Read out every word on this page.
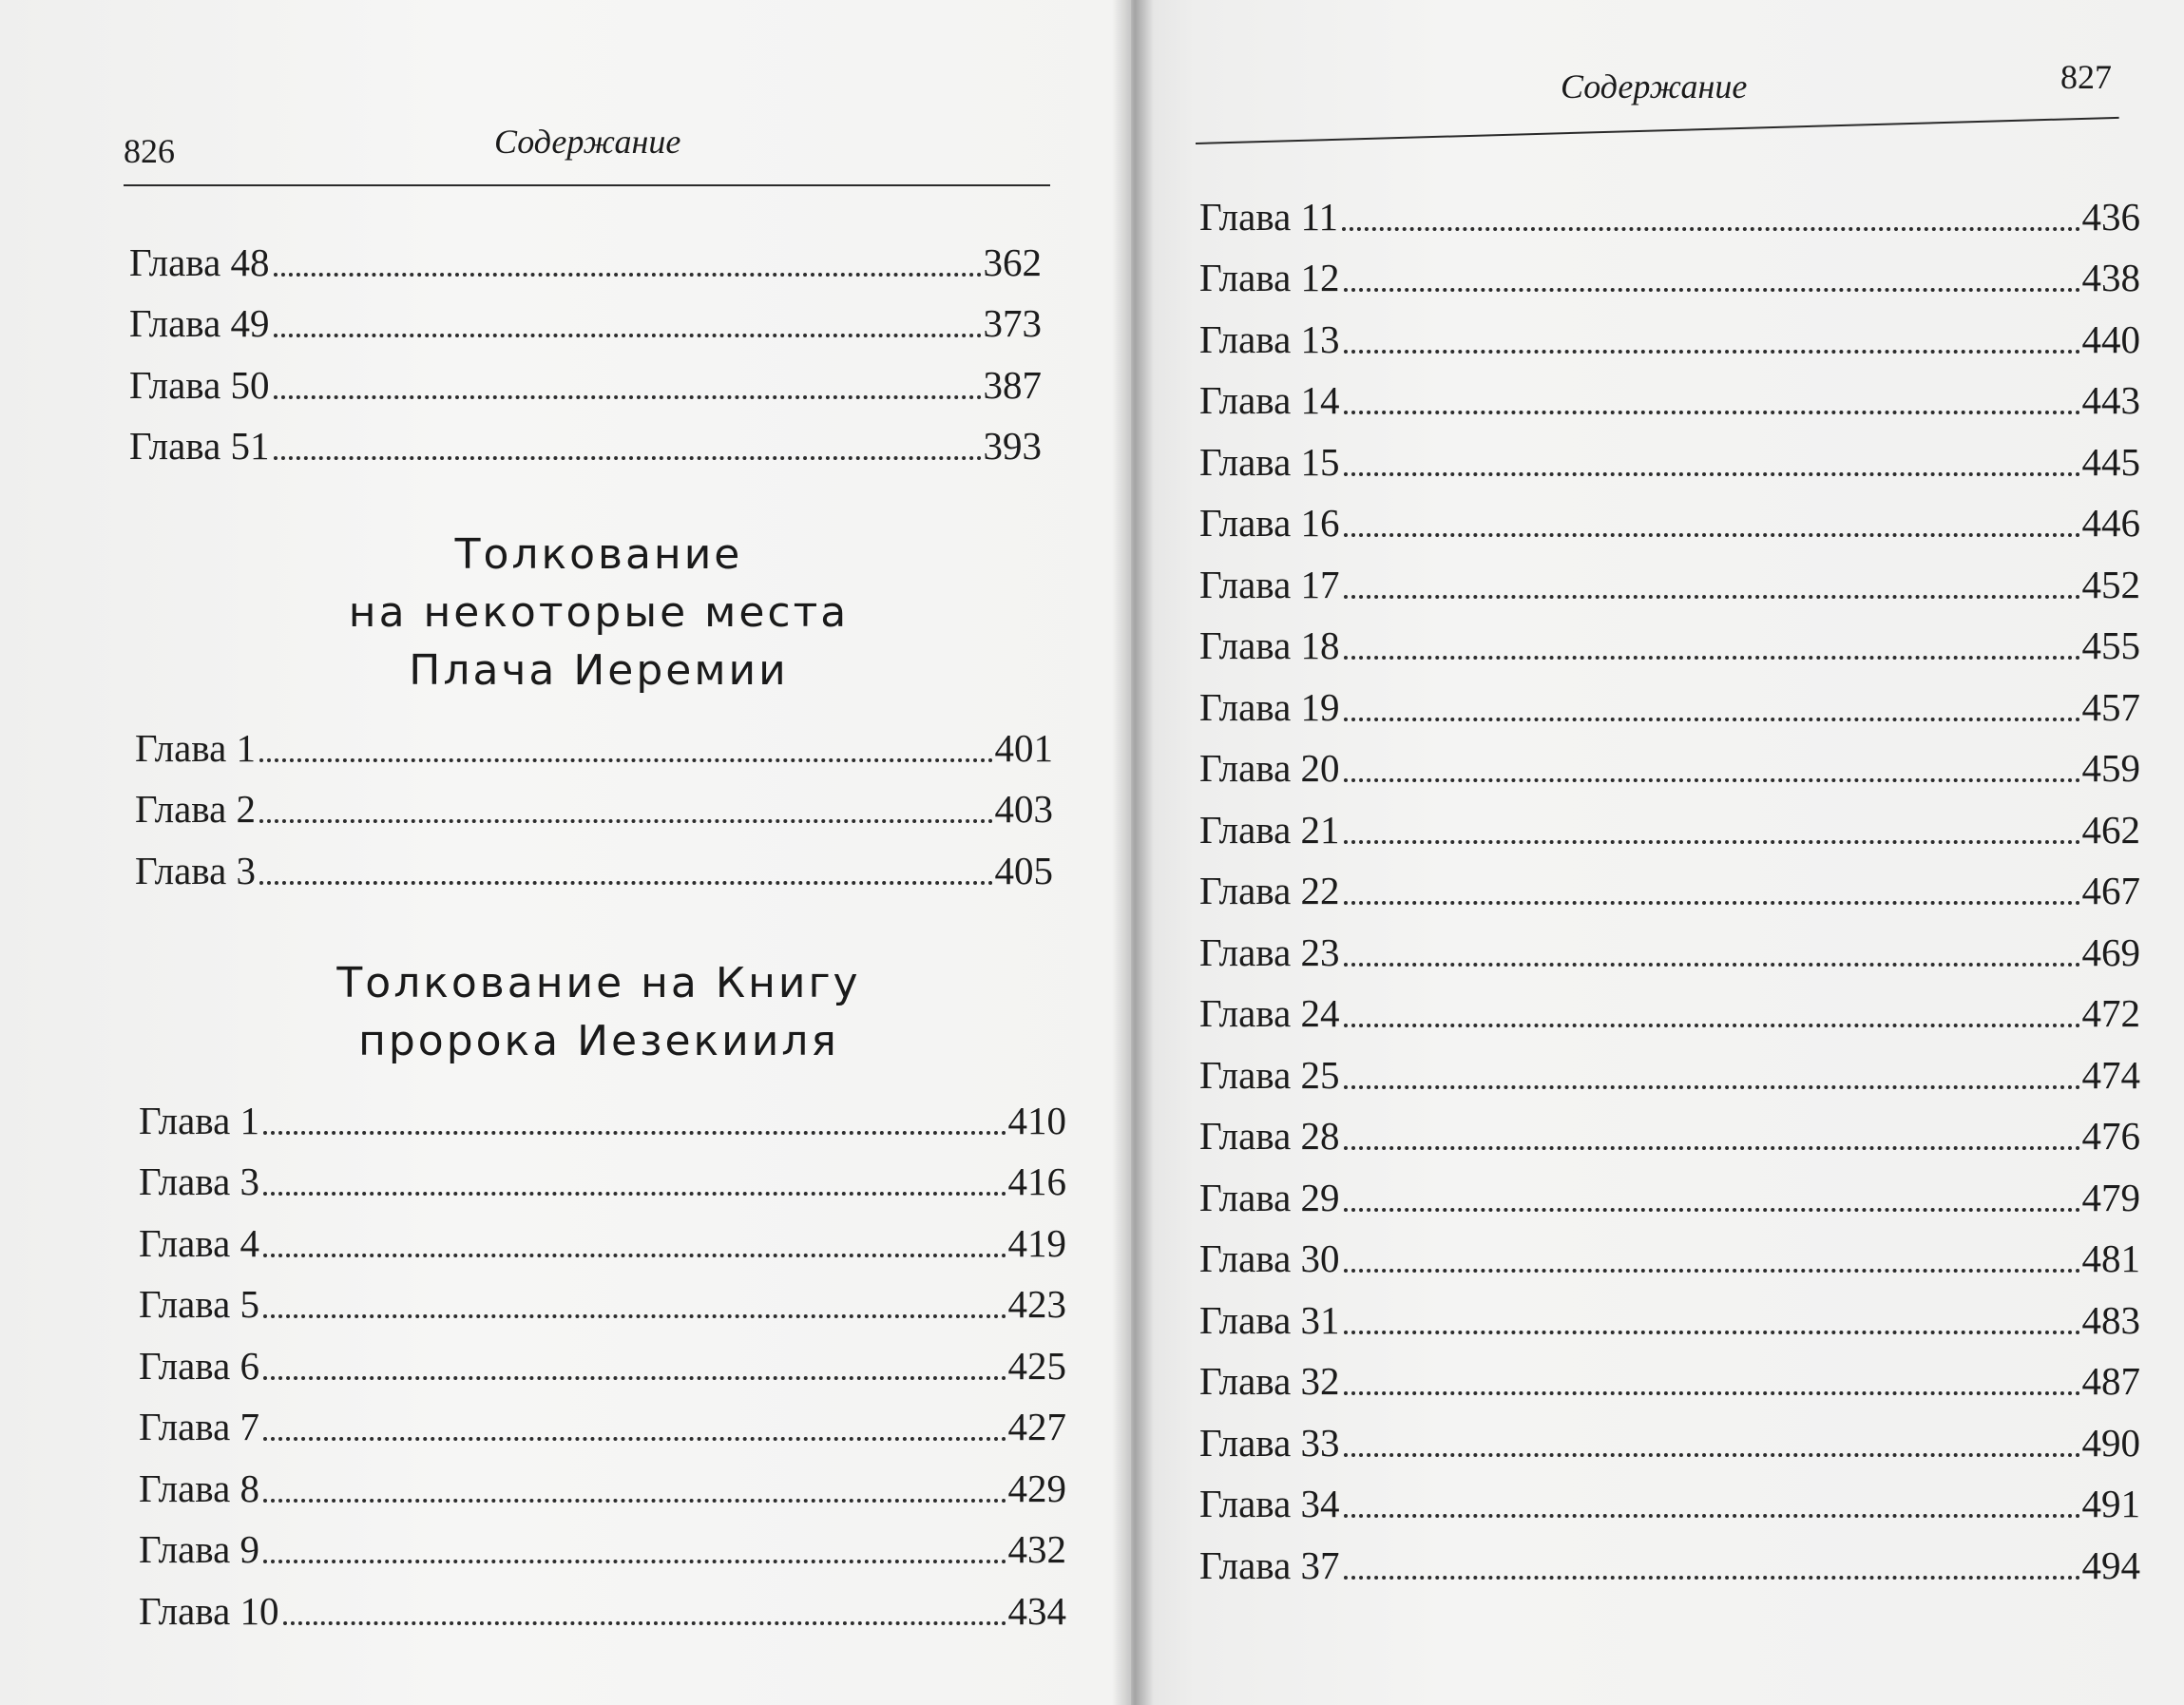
826	Содержание
Глава 48	362
Глава 49	373
Глава 50	387
Глава 51	393
Толкование
на некоторые места
Плача Иеремии
Глава 1	401
Глава 2	403
Глава 3	405
Толкование на Книгу
пророка Иезекииля
Глава 1	410
Глава 3	416
Глава 4	419
Глава 5	423
Глава 6	425
Глава 7	427
Глава 8	429
Глава 9	432
Глава 10	434
Содержание	827
Глава 11	436
Глава 12	438
Глава 13	440
Глава 14	443
Глава 15	445
Глава 16	446
Глава 17	452
Глава 18	455
Глава 19	457
Глава 20	459
Глава 21	462
Глава 22	467
Глава 23	469
Глава 24	472
Глава 25	474
Глава 28	476
Глава 29	479
Глава 30	481
Глава 31	483
Глава 32	487
Глава 33	490
Глава 34	491
Глава 37	494
